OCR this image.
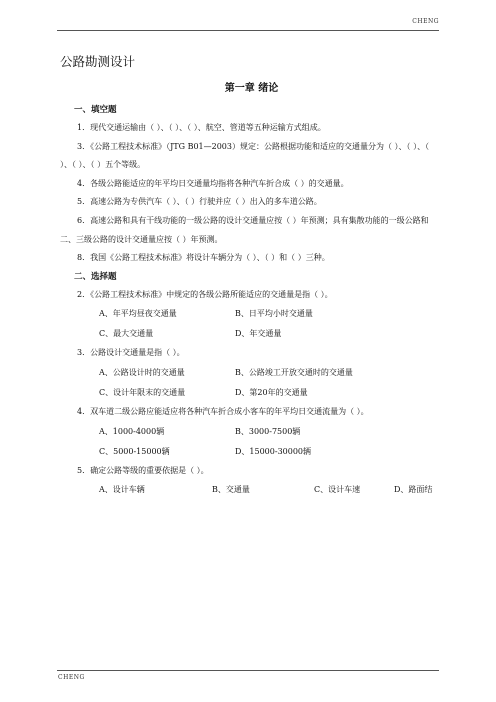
CHENG
公路勘测设计
第一章 绪论
一、填空题

1．现代交通运输由（ ）、（ ）、（ ）、航空、管道等五种运输方式组成。

3．《公路工程技术标准》（JTG B01—2003）规定：公路根据功能和适应的交通量分为（ ）、（ ）、（ ）、（ ）、（ ）五个等级。

4．各级公路能适应的年平均日交通量均指将各种汽车折合成（ ）的交通量。

5．高速公路为专供汽车（ ）、（ ）行驶并应（ ）出入的多车道公路。

6．高速公路和具有干线功能的一级公路的设计交通量应按（ ）年预测；具有集散功能的一级公路和二、三级公路的设计交通量应按（ ）年预测。

8．我国《公路工程技术标准》将设计车辆分为（ ）、（ ）和（ ）三种。

二、选择题

2．《公路工程技术标准》中规定的各级公路所能适应的交通量是指（ ）。

A、年平均昼夜交通量	B、日平均小时交通量
C、最大交通量	D、年交通量

3．公路设计交通量是指（ ）。

A、公路设计时的交通量	B、公路竣工开放交通时的交通量
C、设计年限末的交通量	D、第20年的交通量

4．双车道二级公路应能适应将各种汽车折合成小客车的年平均日交通流量为（ ）。

A、1000-4000辆	B、3000-7500辆
C、5000-15000辆	D、15000-30000辆

5．确定公路等级的重要依据是（ ）。

A、设计车辆	B、交通量	C、设计车速	D、路面结
CHENG
